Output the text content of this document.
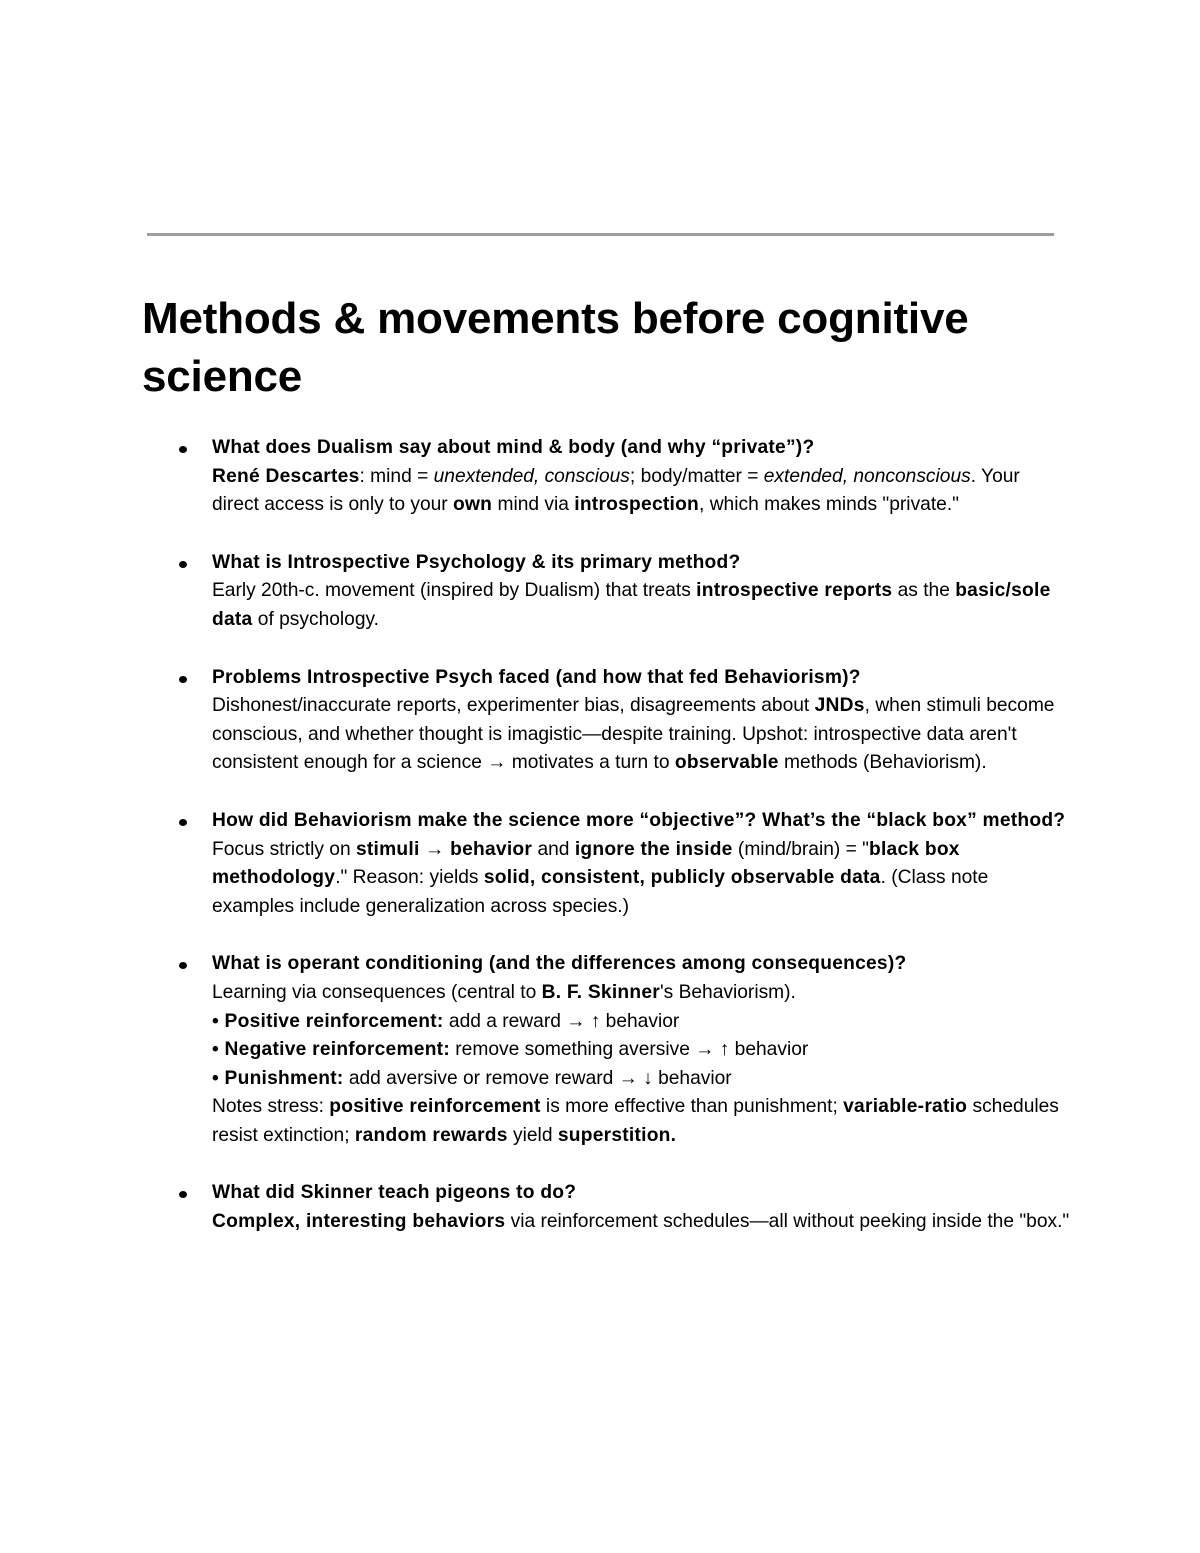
Methods & movements before cognitive science
What does Dualism say about mind & body (and why “private”)?
René Descartes: mind = unextended, conscious; body/matter = extended, nonconscious. Your direct access is only to your own mind via introspection, which makes minds "private."
What is Introspective Psychology & its primary method?
Early 20th-c. movement (inspired by Dualism) that treats introspective reports as the basic/sole data of psychology.
Problems Introspective Psych faced (and how that fed Behaviorism)?
Dishonest/inaccurate reports, experimenter bias, disagreements about JNDs, when stimuli become conscious, and whether thought is imagistic—despite training. Upshot: introspective data aren't consistent enough for a science → motivates a turn to observable methods (Behaviorism).
How did Behaviorism make the science more “objective”? What’s the “black box” method?
Focus strictly on stimuli → behavior and ignore the inside (mind/brain) = "black box methodology." Reason: yields solid, consistent, publicly observable data. (Class note examples include generalization across species.)
What is operant conditioning (and the differences among consequences)?
Learning via consequences (central to B. F. Skinner's Behaviorism).
• Positive reinforcement: add a reward → ↑ behavior
• Negative reinforcement: remove something aversive → ↑ behavior
• Punishment: add aversive or remove reward → ↓ behavior
Notes stress: positive reinforcement is more effective than punishment; variable-ratio schedules resist extinction; random rewards yield superstition.
What did Skinner teach pigeons to do?
Complex, interesting behaviors via reinforcement schedules—all without peeking inside the "box."
